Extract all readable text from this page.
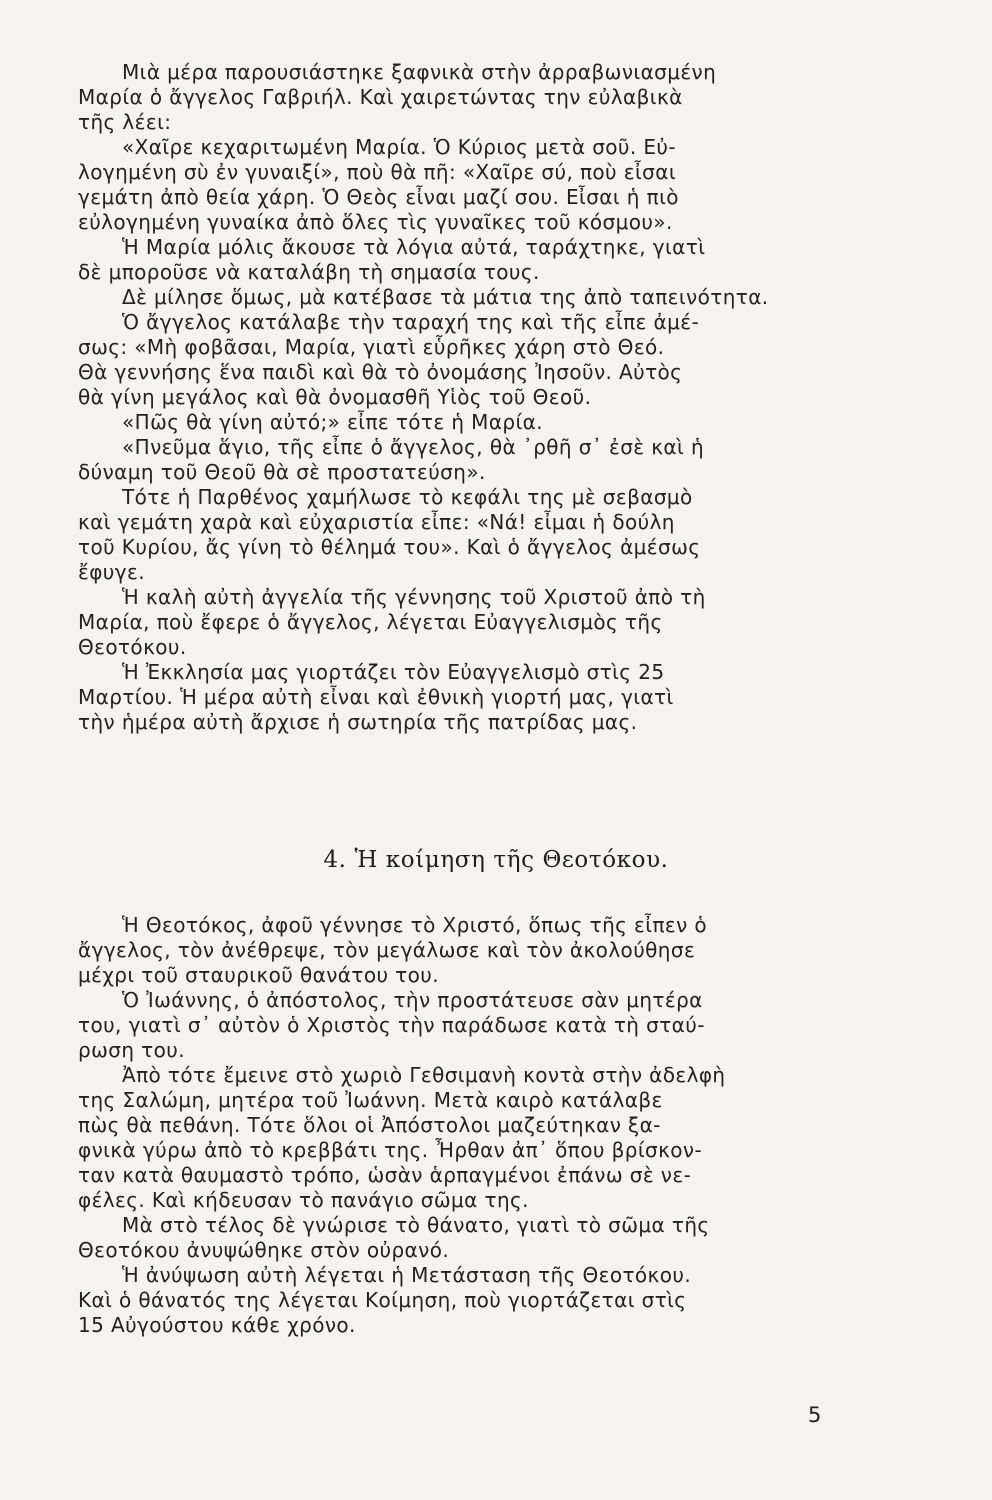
Μιὰ μέρα παρουσιάστηκε ξαφνικὰ στὴν ἀρραβωνιασμένη
Μαρία ὁ ἄγγελος Γαβριήλ. Καὶ χαιρετώντας την εὐλαβικὰ
τῆς λέει:
«Χαῖρε κεχαριτωμένη Μαρία. Ὁ Κύριος μετὰ σοῦ. Εὐ-
λογημένη σὺ ἐν γυναιξί», ποὺ θὰ πῆ: «Χαῖρε σύ, ποὺ εἶσαι
γεμάτη ἀπὸ θεία χάρη. Ὁ Θεὸς εἶναι μαζί σου. Εἶσαι ἡ πιὸ
εὐλογημένη γυναίκα ἀπὸ ὅλες τὶς γυναῖκες τοῦ κόσμου».
Ἡ Μαρία μόλις ἄκουσε τὰ λόγια αὐτά, ταράχτηκε, γιατὶ
δὲ μποροῦσε νὰ καταλάβη τὴ σημασία τους.
Δὲ μίλησε ὅμως, μὰ κατέβασε τὰ μάτια της ἀπὸ ταπεινότητα.
Ὁ ἄγγελος κατάλαβε τὴν ταραχή της καὶ τῆς εἶπε ἀμέ-
σως: «Μὴ φοβᾶσαι, Μαρία, γιατὶ εὗρῆκες χάρη στὸ Θεό.
Θὰ γεννήσης ἕνα παιδὶ καὶ θὰ τὸ ὀνομάσης Ἰησοῦν. Αὐτὸς
θὰ γίνη μεγάλος καὶ θὰ ὀνομασθῆ Υἱὸς τοῦ Θεοῦ.
«Πῶς θὰ γίνη αὐτό;» εἶπε τότε ἡ Μαρία.
«Πνεῦμα ἅγιο, τῆς εἶπε ὁ ἄγγελος, θὰ ᾽ρθῆ σ᾽ ἐσὲ καὶ ἡ
δύναμη τοῦ Θεοῦ θὰ σὲ προστατεύση».
Τότε ἡ Παρθένος χαμήλωσε τὸ κεφάλι της μὲ σεβασμὸ
καὶ γεμάτη χαρὰ καὶ εὐχαριστία εἶπε: «Νά! εἶμαι ἡ δούλη
τοῦ Κυρίου, ἄς γίνη τὸ θέλημά του». Καὶ ὁ ἄγγελος ἀμέσως
ἔφυγε.
Ἡ καλὴ αὐτὴ ἀγγελία τῆς γέννησης τοῦ Χριστοῦ ἀπὸ τὴ
Μαρία, ποὺ ἔφερε ὁ ἄγγελος, λέγεται Εὐαγγελισμὸς τῆς
Θεοτόκου.
Ἡ Ἐκκλησία μας γιορτάζει τὸν Εὐαγγελισμὸ στὶς 25
Μαρτίου. Ἡ μέρα αὐτὴ εἶναι καὶ ἐθνικὴ γιορτή μας, γιατὶ
τὴν ἡμέρα αὐτὴ ἄρχισε ἡ σωτηρία τῆς πατρίδας μας.
4. Ἡ κοίμηση τῆς Θεοτόκου.
Ἡ Θεοτόκος, ἀφοῦ γέννησε τὸ Χριστό, ὅπως τῆς εἶπεν ὁ
ἄγγελος, τὸν ἀνέθρεψε, τὸν μεγάλωσε καὶ τὸν ἀκολούθησε
μέχρι τοῦ σταυρικοῦ θανάτου του.
Ὁ Ἰωάννης, ὁ ἀπόστολος, τὴν προστάτευσε σὰν μητέρα
του, γιατὶ σ᾽ αὐτὸν ὁ Χριστὸς τὴν παράδωσε κατὰ τὴ σταύ-
ρωση του.
Ἀπὸ τότε ἔμεινε στὸ χωριὸ Γεθσιμανὴ κοντὰ στὴν ἀδελφὴ
της Σαλώμη, μητέρα τοῦ Ἰωάννη. Μετὰ καιρὸ κατάλαβε
πὼς θὰ πεθάνη. Τότε ὅλοι οἱ Ἀπόστολοι μαζεύτηκαν ξα-
φνικὰ γύρω ἀπὸ τὸ κρεββάτι της. Ἦρθαν ἀπ᾽ ὅπου βρίσκον-
ταν κατὰ θαυμαστὸ τρόπο, ὡσὰν ἁρπαγμένοι ἐπάνω σὲ νε-
φέλες. Καὶ κήδευσαν τὸ πανάγιο σῶμα της.
Μὰ στὸ τέλος δὲ γνώρισε τὸ θάνατο, γιατὶ τὸ σῶμα τῆς
Θεοτόκου ἀνυψώθηκε στὸν οὐρανό.
Ἡ ἀνύψωση αὐτὴ λέγεται ἡ Μετάσταση τῆς Θεοτόκου.
Καὶ ὁ θάνατός της λέγεται Κοίμηση, ποὺ γιορτάζεται στὶς
15 Αὐγούστου κάθε χρόνο.
5
